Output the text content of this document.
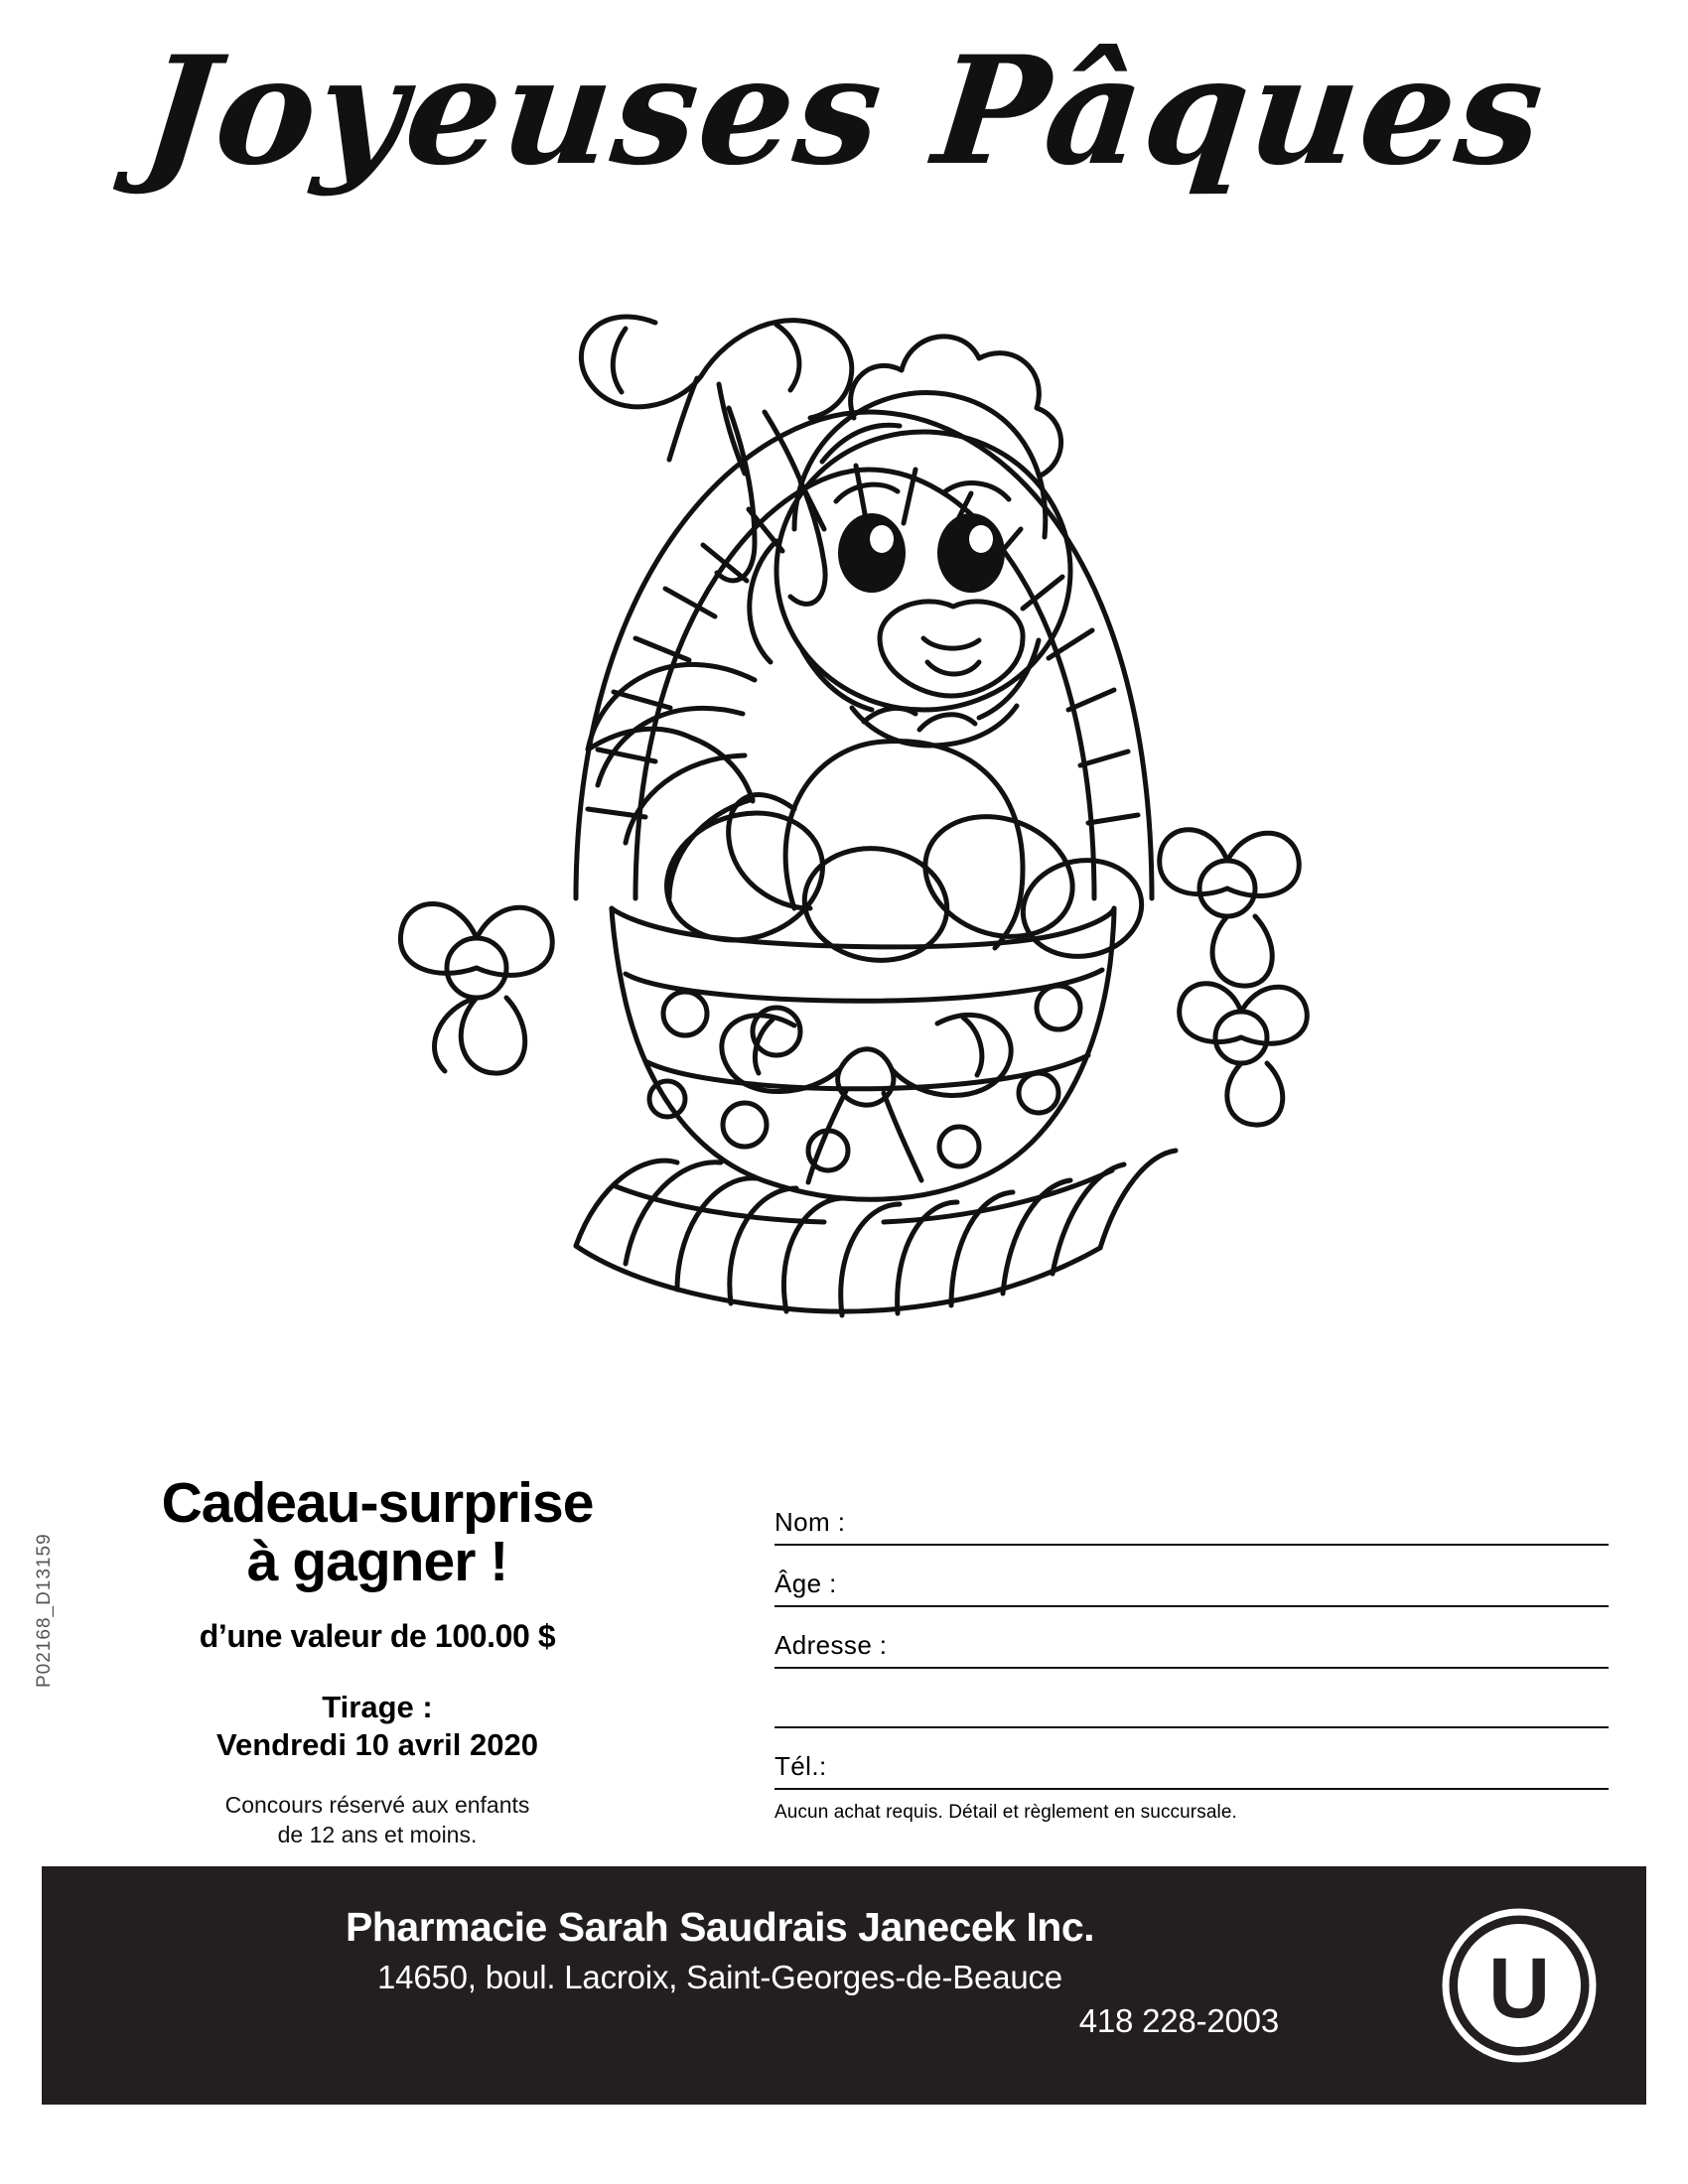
Joyeuses Pâques
P02168_D13159
Cadeau-surprise
à gagner !
d’une valeur de 100.00 $
Tirage :
Vendredi 10 avril 2020
Concours réservé aux enfants
de 12 ans et moins.
Nom :
Âge :
Adresse :
Tél.:
Aucun achat requis. Détail et règlement en succursale.
Pharmacie Sarah Saudrais Janecek Inc.
14650, boul. Lacroix, Saint-Georges-de-Beauce
418 228-2003	U
